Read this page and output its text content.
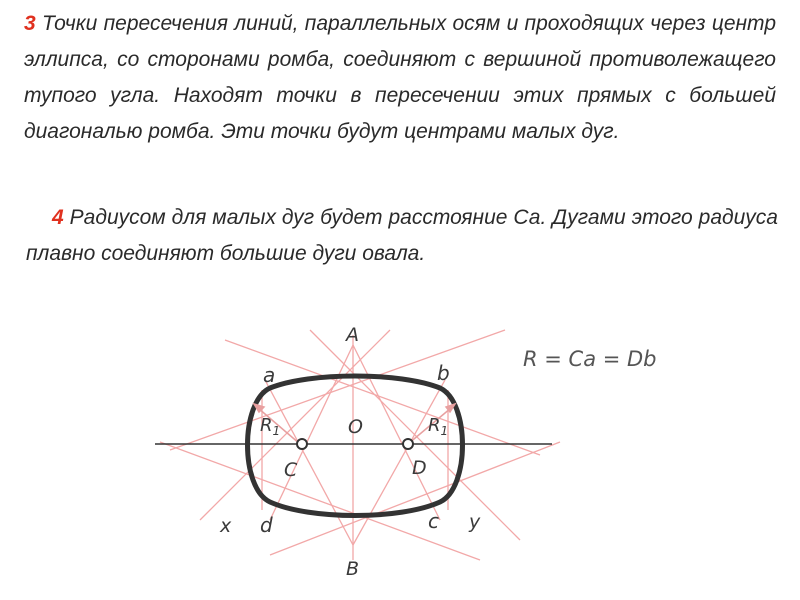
3 Точки пересечения линий, параллельных осям и проходящих через центр эллипса, со сторонами ромба, соединяют с вершиной противолежащего тупого угла. Находят точки в пересечении этих прямых с большей диагональю ромба. Эти точки будут центрами малых дуг.
4 Радиусом для малых дуг будет расстояние Са. Дугами этого радиуса плавно соединяют большие дуги овала.
A
a	b
O
$R_1$	$R_1$
C	D
x d	c y
B
R = Ca = Db
